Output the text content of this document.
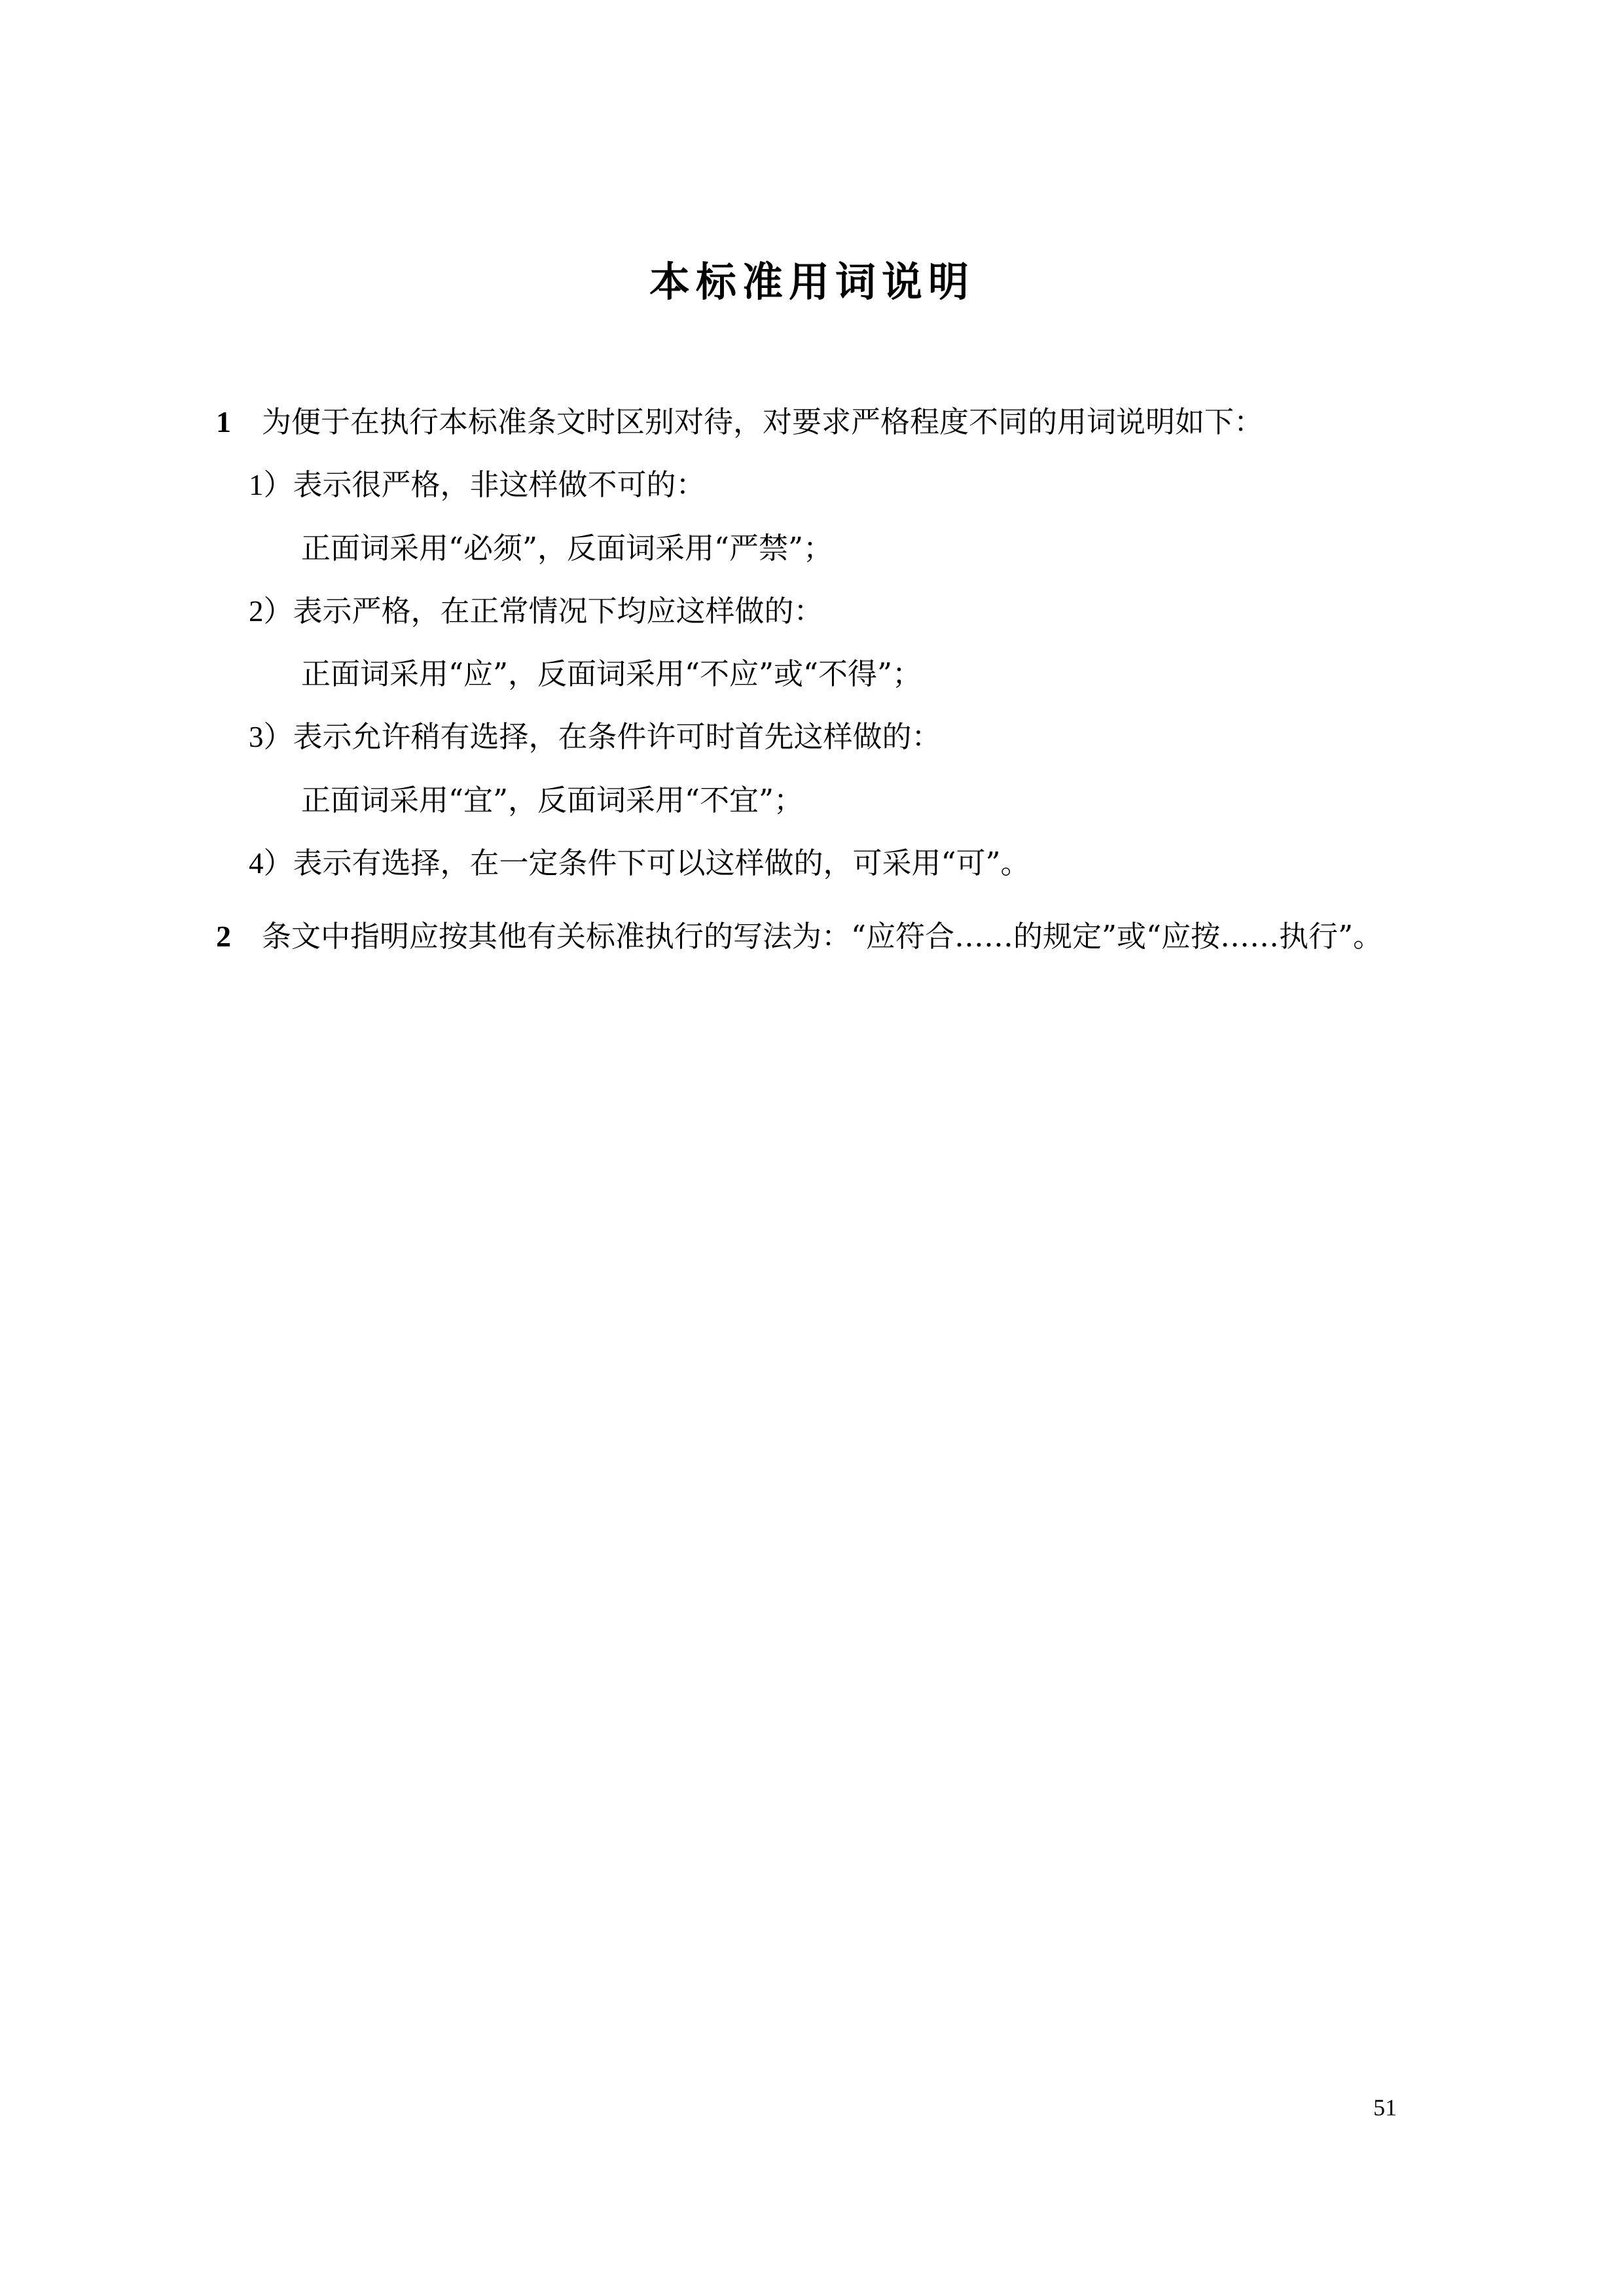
本标准用词说明
1 为便于在执行本标准条文时区别对待，对要求严格程度不同的用词说明如下：
1）表示很严格，非这样做不可的：
正面词采用“必须”，反面词采用“严禁”；
2）表示严格，在正常情况下均应这样做的：
正面词采用“应”，反面词采用“不应”或“不得”；
3）表示允许稍有选择，在条件许可时首先这样做的：
正面词采用“宜”，反面词采用“不宜”；
4）表示有选择，在一定条件下可以这样做的，可采用“可”。
2 条文中指明应按其他有关标准执行的写法为：“应符合……的规定”或“应按……执行”。
51
